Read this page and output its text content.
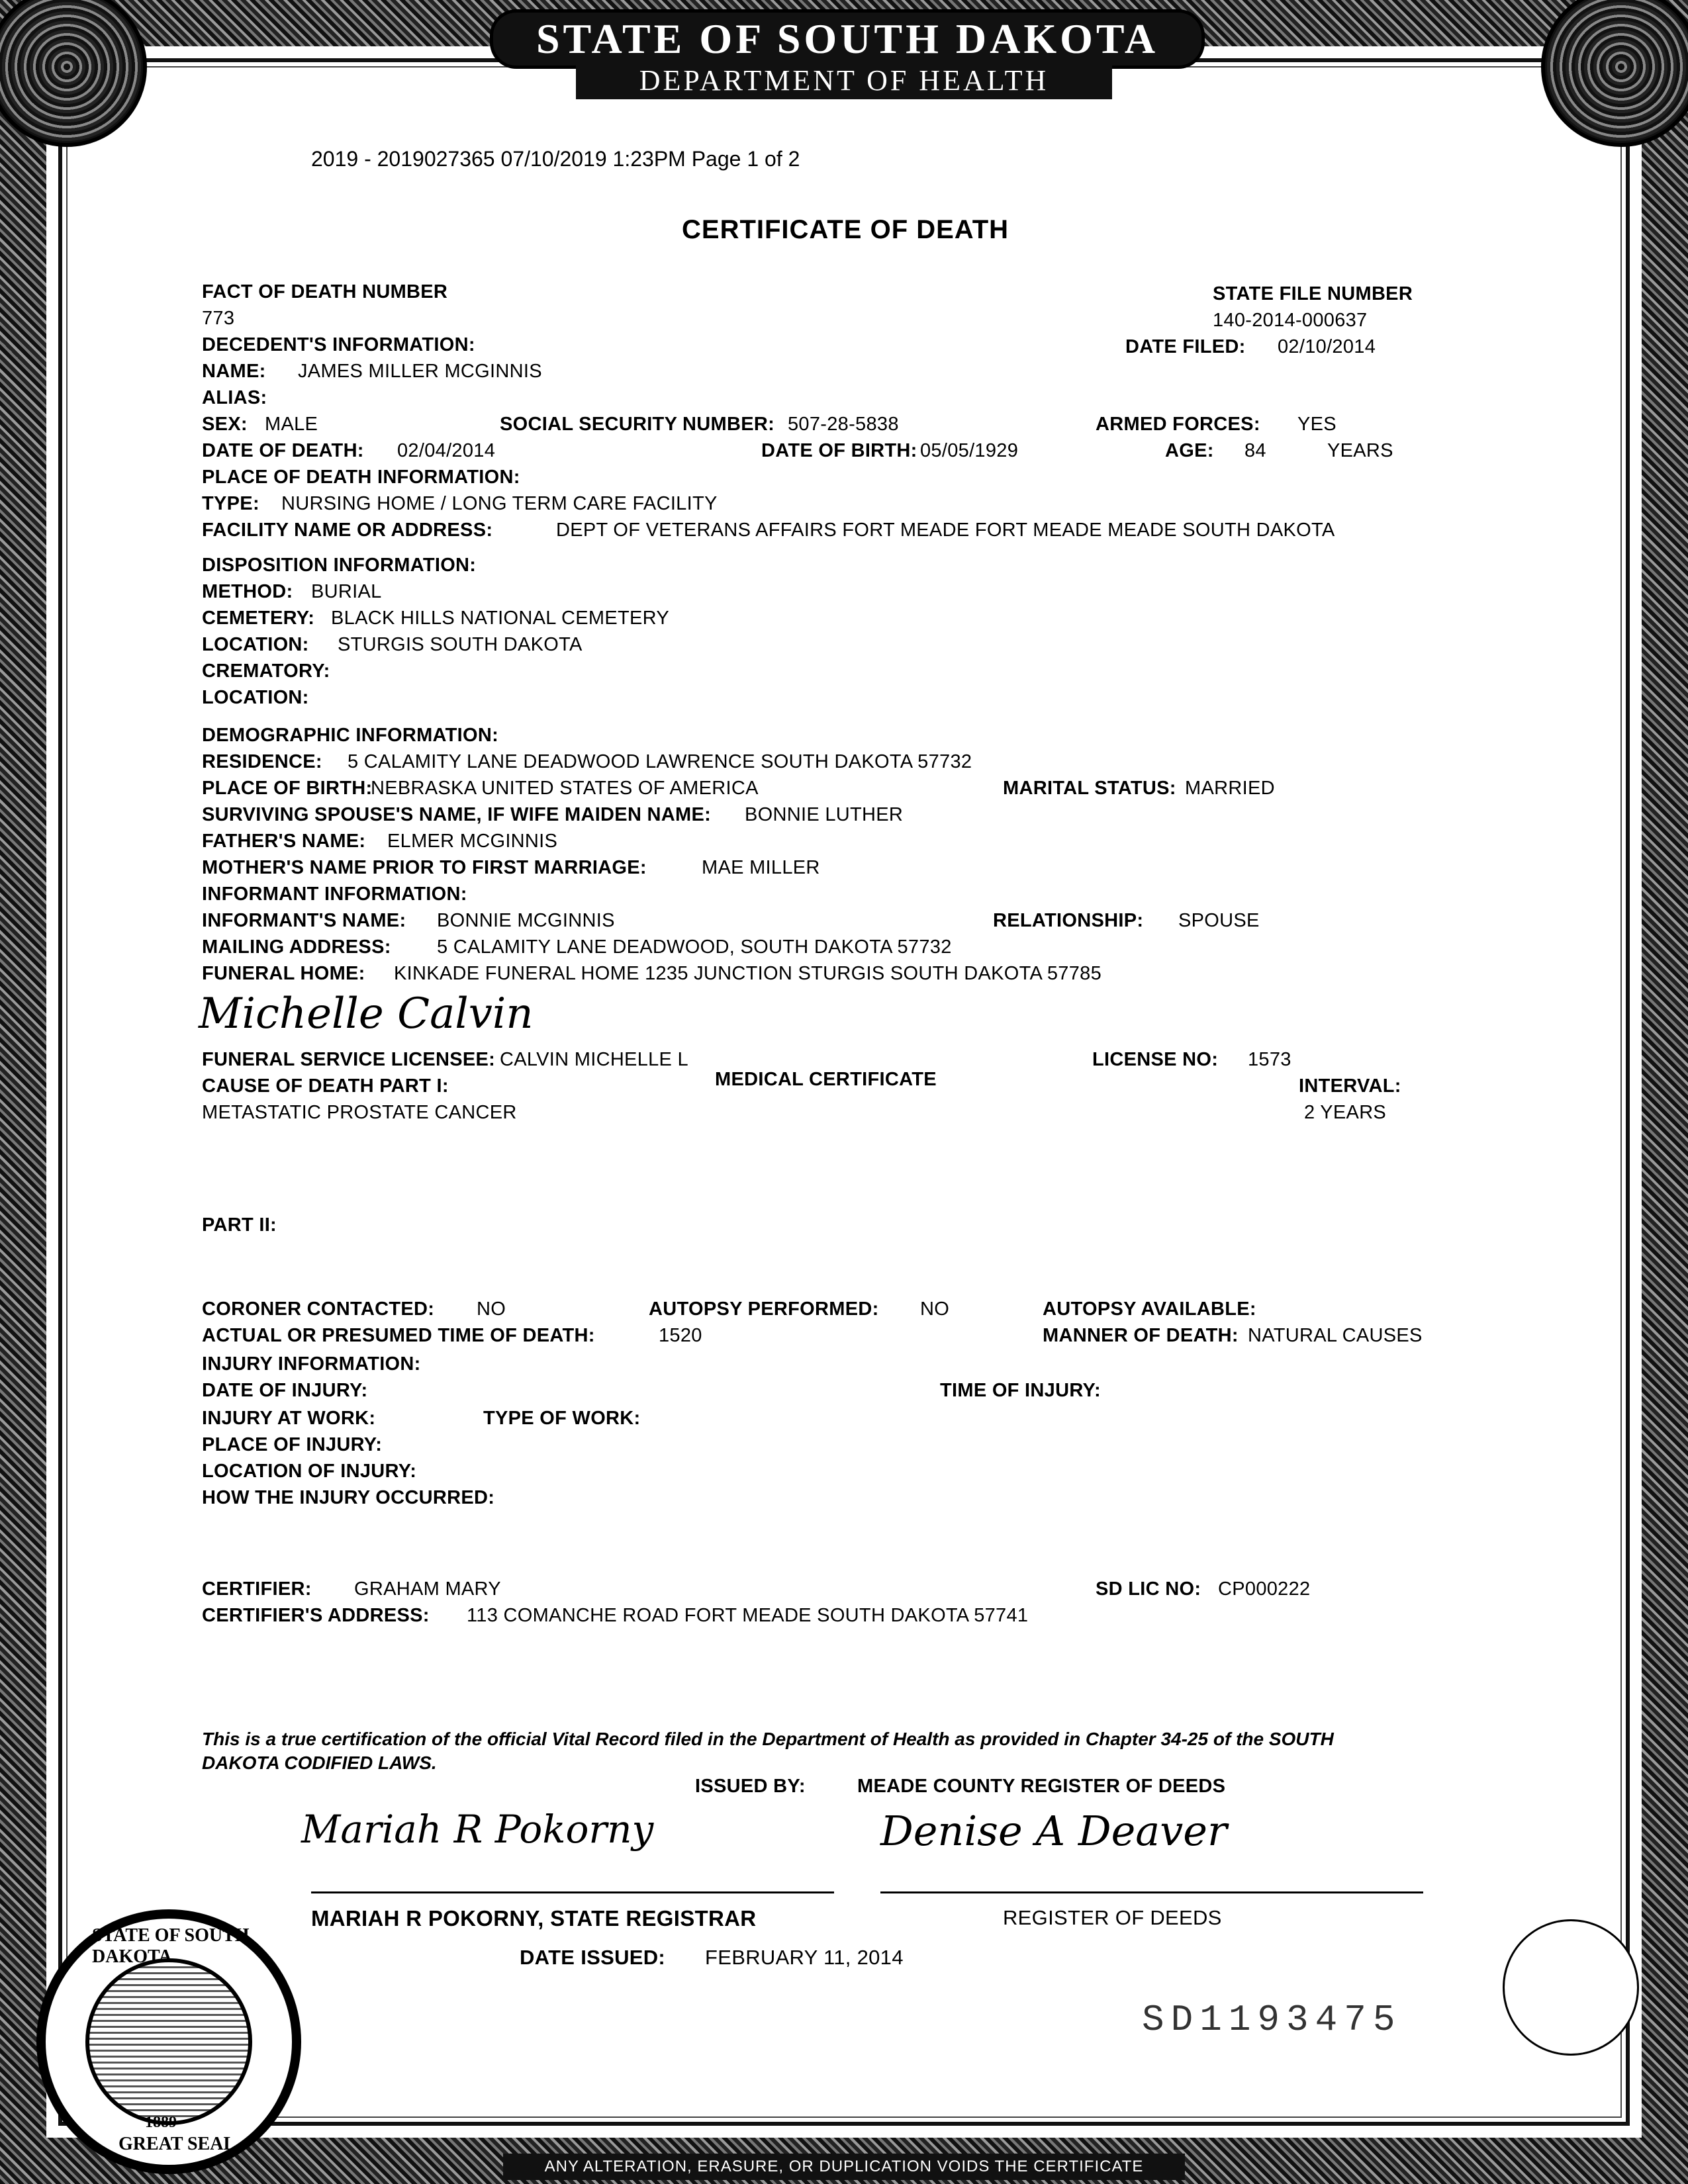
STATE OF SOUTH DAKOTA
DEPARTMENT OF HEALTH
2019 - 2019027365 07/10/2019 1:23PM Page 1 of 2
CERTIFICATE OF DEATH
FACT OF DEATH NUMBER
773
STATE FILE NUMBER
140-2014-000637
DATE FILED: 02/10/2014
DECEDENT'S INFORMATION:
NAME: JAMES MILLER MCGINNIS
ALIAS:
SEX: MALE	SOCIAL SECURITY NUMBER: 507-28-5838	ARMED FORCES: YES
DATE OF DEATH: 02/04/2014	DATE OF BIRTH: 05/05/1929	AGE: 84	YEARS
PLACE OF DEATH INFORMATION:
TYPE: NURSING HOME / LONG TERM CARE FACILITY
FACILITY NAME OR ADDRESS:	DEPT OF VETERANS AFFAIRS FORT MEADE FORT MEADE MEADE SOUTH DAKOTA
DISPOSITION INFORMATION:
METHOD: BURIAL
CEMETERY: BLACK HILLS NATIONAL CEMETERY
LOCATION: STURGIS SOUTH DAKOTA
CREMATORY:
LOCATION:
DEMOGRAPHIC INFORMATION:
RESIDENCE: 5 CALAMITY LANE DEADWOOD LAWRENCE SOUTH DAKOTA 57732
PLACE OF BIRTH:
NEBRASKA UNITED STATES OF AMERICA	MARITAL STATUS: MARRIED
SURVIVING SPOUSE'S NAME, IF WIFE MAIDEN NAME: BONNIE LUTHER
FATHER'S NAME: ELMER MCGINNIS
MOTHER'S NAME PRIOR TO FIRST MARRIAGE:	MAE MILLER
INFORMANT INFORMATION:
INFORMANT'S NAME: BONNIE MCGINNIS	RELATIONSHIP: SPOUSE
MAILING ADDRESS: 5 CALAMITY LANE DEADWOOD, SOUTH DAKOTA 57732
FUNERAL HOME: KINKADE FUNERAL HOME 1235 JUNCTION STURGIS SOUTH DAKOTA 57785
Michelle Calvin
FUNERAL SERVICE LICENSEE: CALVIN MICHELLE L	LICENSE NO: 1573
MEDICAL CERTIFICATE
CAUSE OF DEATH PART I:
METASTATIC PROSTATE CANCER
INTERVAL:
2 YEARS
PART II:
CORONER CONTACTED: NO	AUTOPSY PERFORMED: NO	AUTOPSY AVAILABLE:
ACTUAL OR PRESUMED TIME OF DEATH:	1520	MANNER OF DEATH: NATURAL CAUSES
INJURY INFORMATION:
DATE OF INJURY:	TIME OF INJURY:
INJURY AT WORK:	TYPE OF WORK:
PLACE OF INJURY:
LOCATION OF INJURY:
HOW THE INJURY OCCURRED:
CERTIFIER: GRAHAM MARY	SD LIC NO: CP000222
CERTIFIER'S ADDRESS: 113 COMANCHE ROAD FORT MEADE SOUTH DAKOTA 57741
This is a true certification of the official Vital Record filed in the Department of Health as provided in Chapter 34-25 of the SOUTH DAKOTA CODIFIED LAWS.
ISSUED BY:	MEADE COUNTY REGISTER OF DEEDS
Mariah R Pokorny	Denise A Deaver
MARIAH R POKORNY, STATE REGISTRAR	REGISTER OF DEEDS
DATE ISSUED: FEBRUARY 11, 2014
STATE OF SOUTH DAKOTA
GREAT SEAL
1889
SD1193475
ANY ALTERATION, ERASURE, OR DUPLICATION VOIDS THE CERTIFICATE
